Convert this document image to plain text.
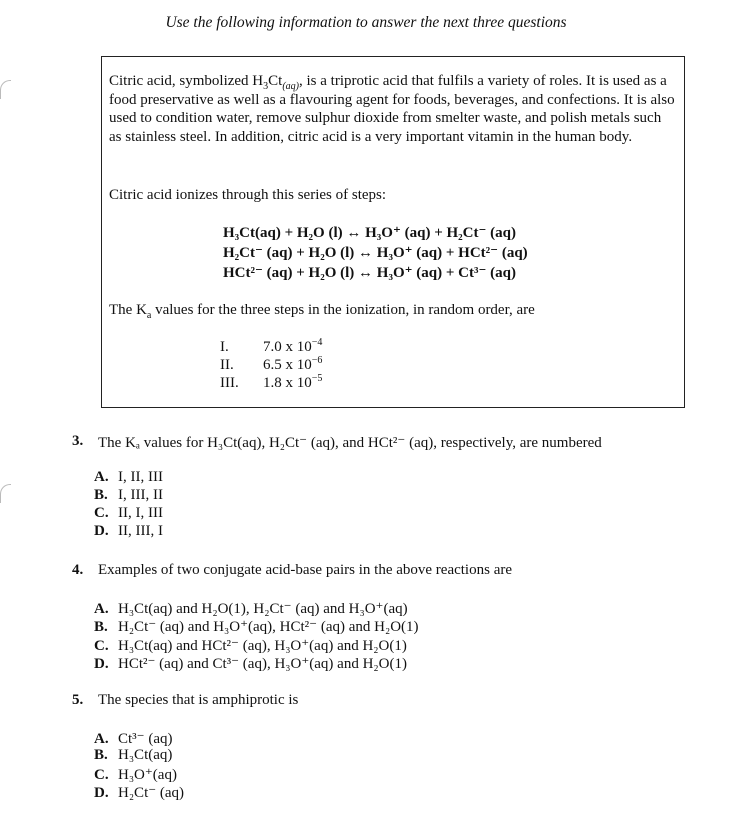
Use the following information to answer the next three questions
Citric acid, symbolized $H_3Ct_{(aq)}$, is a triprotic acid that fulfils a variety of roles. It is used as a food preservative as well as a flavouring agent for foods, beverages, and confections. It is also used to condition water, remove sulphur dioxide from smelter waste, and polish metals such as stainless steel. In addition, citric acid is a very important vitamin in the human body.
Citric acid ionizes through this series of steps:
H₃Ct(aq) + H₂O (l) ↔ H₃O⁺ (aq) + H₂Ct⁻ (aq)
H₂Ct⁻ (aq) + H₂O (l) ↔ H₃O⁺ (aq) + HCt²⁻ (aq)
HCt²⁻ (aq) + H₂O (l) ↔ H₃O⁺ (aq) + Ct³⁻ (aq)
The $K_a$ values for the three steps in the ionization, in random order, are
I. 7.0 x $10^{-4}$
II. 6.5 x $10^{-6}$
III. 1.8 x $10^{-5}$
3. The Kₐ values for H₃Ct(aq), H₂Ct⁻ (aq), and HCt²⁻ (aq), respectively, are numbered
A. I, II, III
B. I, III, II
C. II, I, III
D. II, III, I
4. Examples of two conjugate acid-base pairs in the above reactions are
A. H₃Ct(aq) and H₂O(1), H₂Ct⁻ (aq) and H₃O⁺(aq)
B. H₂Ct⁻ (aq) and H₃O⁺(aq), HCt²⁻ (aq) and H₂O(1)
C. H₃Ct(aq) and HCt²⁻ (aq), H₃O⁺(aq) and H₂O(1)
D. HCt²⁻ (aq) and Ct³⁻ (aq), H₃O⁺(aq) and H₂O(1)
5. The species that is amphiprotic is
A. Ct³⁻ (aq)
B. H₃Ct(aq)
C. H₃O⁺(aq)
D. H₂Ct⁻ (aq)
